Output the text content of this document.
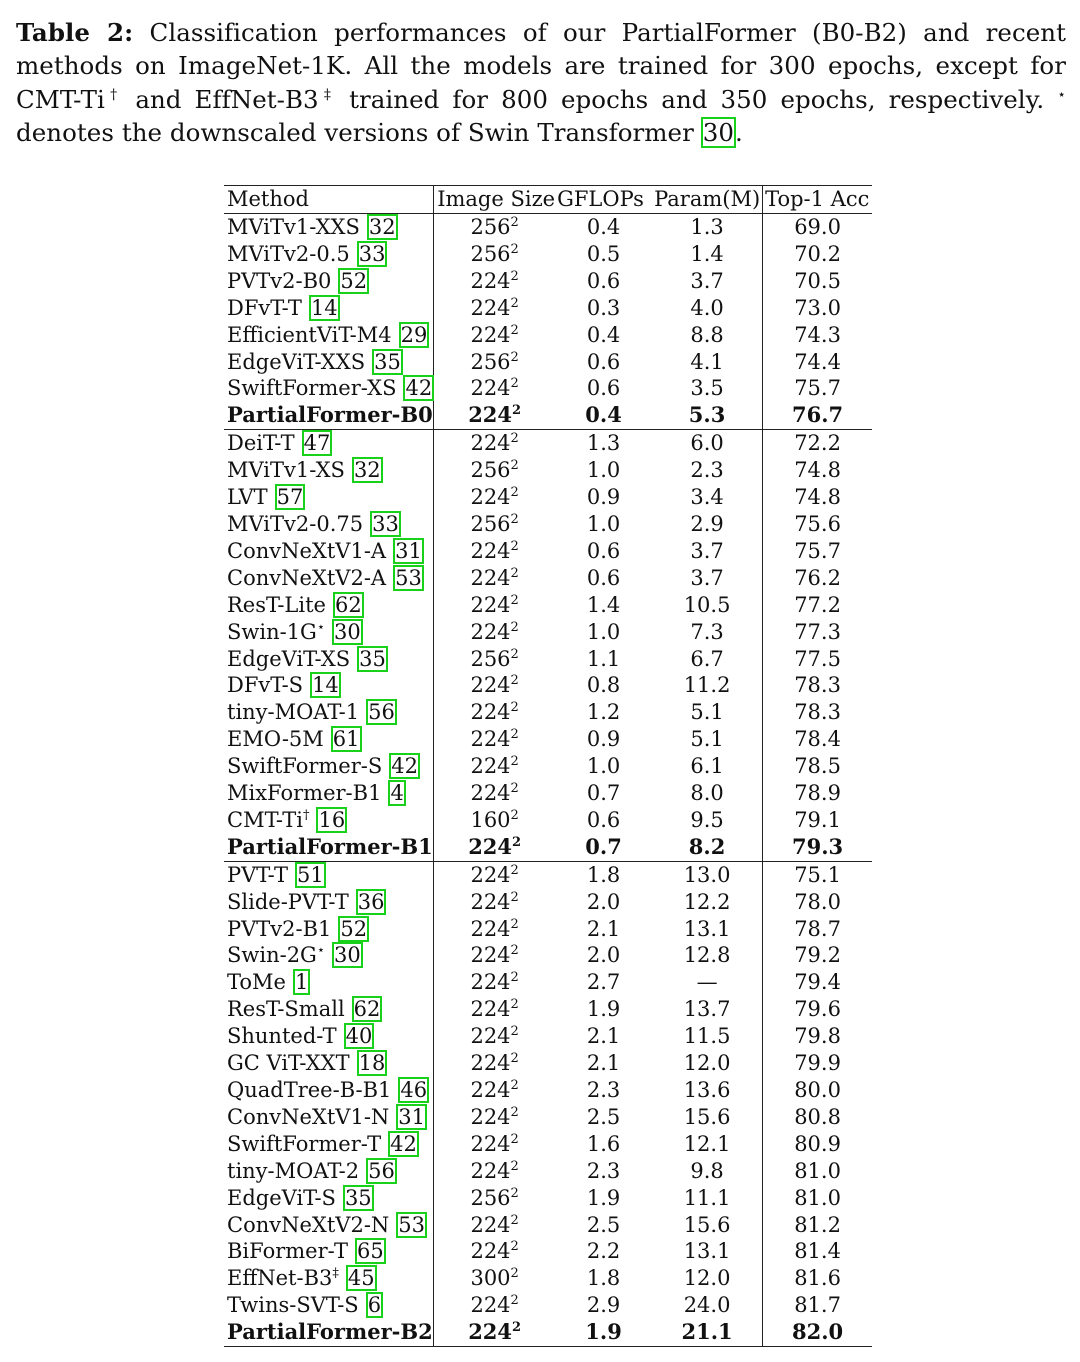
Table 2: Classification performances of our PartialFormer (B0-B2) and recent methods on ImageNet-1K. All the models are trained for 300 epochs, except for CMT-Ti† and EffNet-B3‡ trained for 800 epochs and 350 epochs, respectively. ⋆ denotes the downscaled versions of Swin Transformer 30.
Method	Image Size	GFLOPs	Param(M)	Top-1 Acc
MViTv1-XXS 32	$256^2$	0.4	1.3	69.0
MViTv2-0.5 33	$256^2$	0.5	1.4	70.2
PVTv2-B0 52	$224^2$	0.6	3.7	70.5
DFvT-T 14	$224^2$	0.3	4.0	73.0
EfficientViT-M4 29	$224^2$	0.4	8.8	74.3
EdgeViT-XXS 35	$256^2$	0.6	4.1	74.4
SwiftFormer-XS 42	$224^2$	0.6	3.5	75.7
PartialFormer-B0	$224^2$	0.4	5.3	76.7
DeiT-T 47	$224^2$	1.3	6.0	72.2
MViTv1-XS 32	$256^2$	1.0	2.3	74.8
LVT 57	$224^2$	0.9	3.4	74.8
MViTv2-0.75 33	$256^2$	1.0	2.9	75.6
ConvNeXtV1-A 31	$224^2$	0.6	3.7	75.7
ConvNeXtV2-A 53	$224^2$	0.6	3.7	76.2
ResT-Lite 62	$224^2$	1.4	10.5	77.2
Swin-1G⋆ 30	$224^2$	1.0	7.3	77.3
EdgeViT-XS 35	$256^2$	1.1	6.7	77.5
DFvT-S 14	$224^2$	0.8	11.2	78.3
tiny-MOAT-1 56	$224^2$	1.2	5.1	78.3
EMO-5M 61	$224^2$	0.9	5.1	78.4
SwiftFormer-S 42	$224^2$	1.0	6.1	78.5
MixFormer-B1 4	$224^2$	0.7	8.0	78.9
CMT-Ti† 16	$160^2$	0.6	9.5	79.1
PartialFormer-B1	$224^2$	0.7	8.2	79.3
PVT-T 51	$224^2$	1.8	13.0	75.1
Slide-PVT-T 36	$224^2$	2.0	12.2	78.0
PVTv2-B1 52	$224^2$	2.1	13.1	78.7
Swin-2G⋆ 30	$224^2$	2.0	12.8	79.2
ToMe 1	$224^2$	2.7	—	79.4
ResT-Small 62	$224^2$	1.9	13.7	79.6
Shunted-T 40	$224^2$	2.1	11.5	79.8
GC ViT-XXT 18	$224^2$	2.1	12.0	79.9
QuadTree-B-B1 46	$224^2$	2.3	13.6	80.0
ConvNeXtV1-N 31	$224^2$	2.5	15.6	80.8
SwiftFormer-T 42	$224^2$	1.6	12.1	80.9
tiny-MOAT-2 56	$224^2$	2.3	9.8	81.0
EdgeViT-S 35	$256^2$	1.9	11.1	81.0
ConvNeXtV2-N 53	$224^2$	2.5	15.6	81.2
BiFormer-T 65	$224^2$	2.2	13.1	81.4
EffNet-B3‡ 45	$300^2$	1.8	12.0	81.6
Twins-SVT-S 6	$224^2$	2.9	24.0	81.7
PartialFormer-B2	$224^2$	1.9	21.1	82.0
